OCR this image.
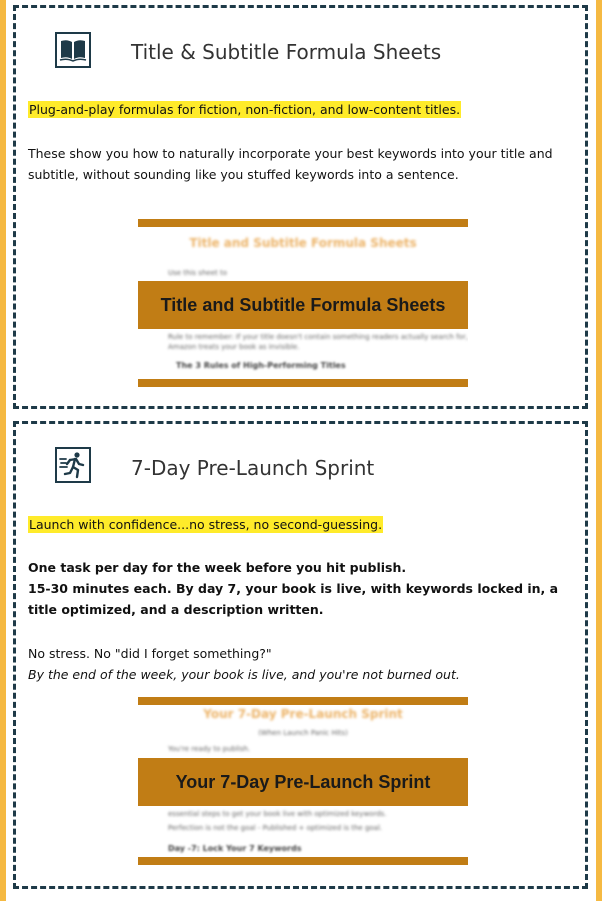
Title & Subtitle Formula Sheets
Plug-and-play formulas for fiction, non-fiction, and low-content titles.

These show you how to naturally incorporate your best keywords into your title and subtitle, without sounding like you stuffed keywords into a sentence.

Title and Subtitle Formula Sheets
Use this sheet to
Title and Subtitle Formula Sheets
Rule to remember: If your title doesn't contain something readers actually search for,
Amazon treats your book as invisible.
The 3 Rules of High-Performing Titles
7-Day Pre-Launch Sprint
Launch with confidence...no stress, no second-guessing.

One task per day for the week before you hit publish.

15-30 minutes each. By day 7, your book is live, with keywords locked in, a title optimized, and a description written.

No stress. No "did I forget something?"

By the end of the week, your book is live, and you're not burned out.

Your 7-Day Pre-Launch Sprint
(When Launch Panic Hits)
You're ready to publish.
Your 7-Day Pre-Launch Sprint
essential steps to get your book live with optimized keywords.
Perfection is not the goal - Published + optimized is the goal.
Day -7: Lock Your 7 Keywords
